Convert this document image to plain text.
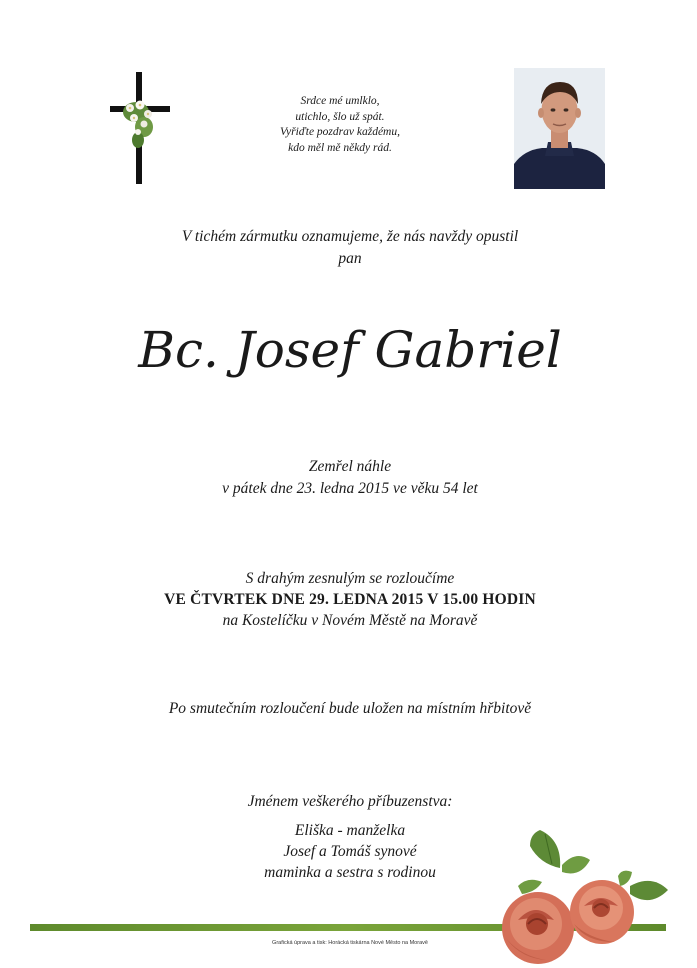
Srdce mé umlklo,
utichlo, šlo už spát.
Vyřiďte pozdrav každému,
kdo měl mě někdy rád.
V tichém zármutku oznamujeme, že nás navždy opustil
pan
Bc. Josef Gabriel
Zemřel náhle
v pátek dne 23. ledna 2015 ve věku 54 let
S drahým zesnulým se rozloučíme
VE ČTVRTEK DNE 29. LEDNA 2015 V 15.00 HODIN
na Kostelíčku v Novém Městě na Moravě
Po smutečním rozloučení bude uložen na místním hřbitově
Jménem veškerého příbuzenstva:
Eliška - manželka
Josef a Tomáš synové
maminka a sestra s rodinou
Grafická úprava a tisk: Horácká tiskárna Nové Město na Moravě
